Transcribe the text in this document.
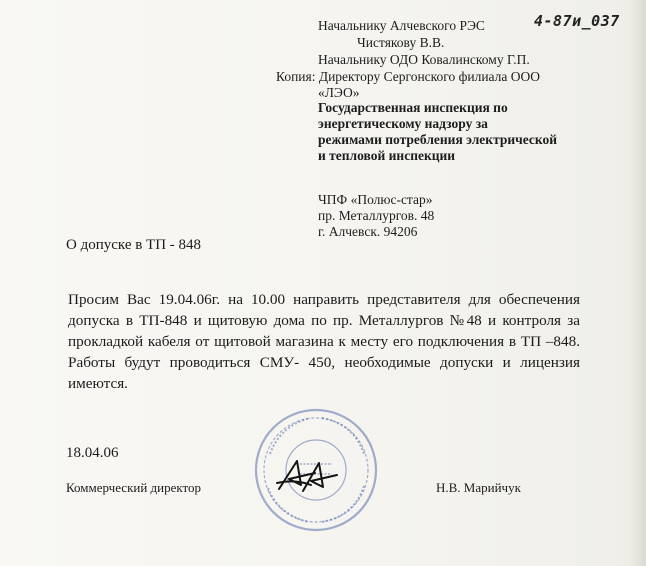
4-87и_037
Начальнику Алчевского РЭС
Чистякову В.В.
Начальнику ОДО Ковалинскому Г.П.
Копия: Директору Сергонского филиала ООО
«ЛЭО»
Государственная инспекция по
энергетическому надзору за
режимами потребления электрической
и тепловой инспекции
ЧПФ «Полюс-стар»
пр. Металлургов. 48
г. Алчевск. 94206
О допуске в ТП - 848

Просим Вас 19.04.06г. на 10.00 направить представителя для обеспечения допуска в ТП-848 и щитовую дома по пр. Металлургов №48 и контроля за прокладкой кабеля от щитовой магазина к месту его подключения в ТП –848. Работы будут проводиться СМУ- 450, необходимые допуски и лицензия имеются.

18.04.06
Коммерческий директор	Н.В. Марийчук
